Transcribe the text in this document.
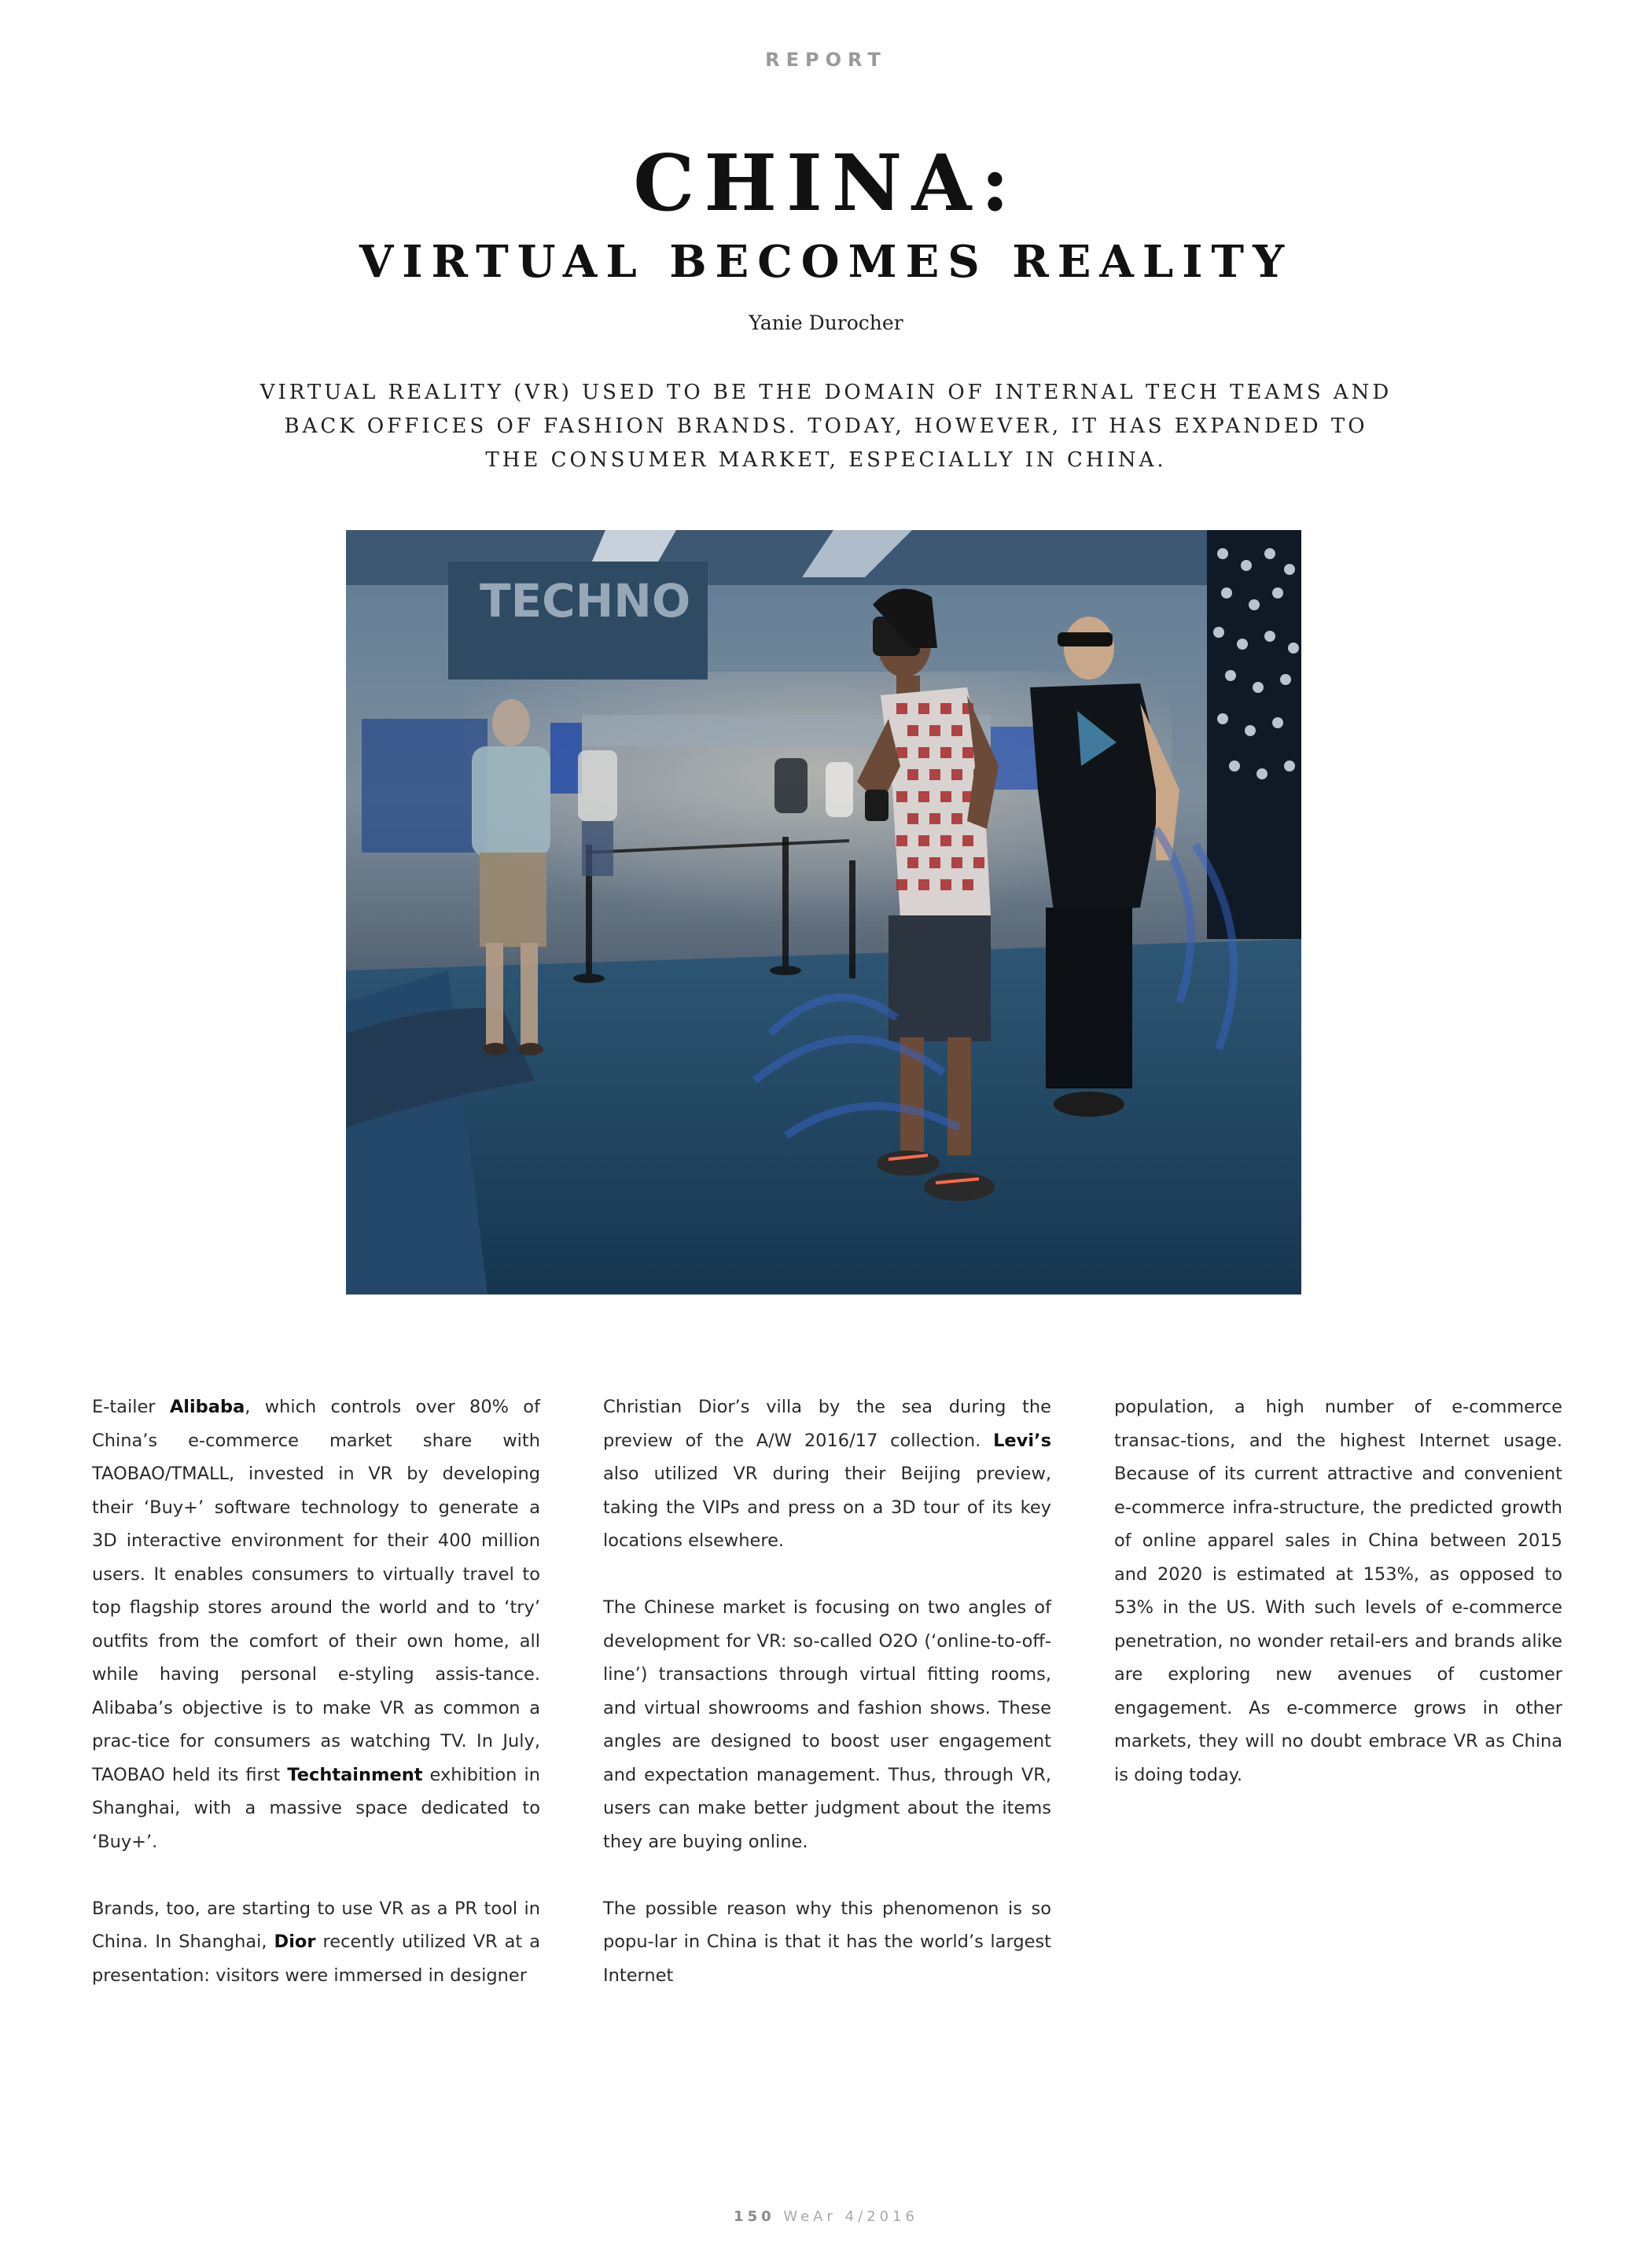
REPORT
CHINA:
VIRTUAL BECOMES REALITY
Yanie Durocher
VIRTUAL REALITY (VR) USED TO BE THE DOMAIN OF INTERNAL TECH TEAMS AND BACK OFFICES OF FASHION BRANDS. TODAY, HOWEVER, IT HAS EXPANDED TO THE CONSUMER MARKET, ESPECIALLY IN CHINA.
TECHNO

E-tailer Alibaba, which controls over 80% of China’s e-commerce market share with TAOBAO/TMALL, invested in VR by developing their ‘Buy+’ software technology to generate a 3D interactive environment for their 400 million users. It enables consumers to virtually travel to top flagship stores around the world and to ‘try’ outfits from the comfort of their own home, all while having personal e-styling assis-tance. Alibaba’s objective is to make VR as common a prac-tice for consumers as watching TV. In July, TAOBAO held its first Techtainment exhibition in Shanghai, with a massive space dedicated to ‘Buy+’.

Brands, too, are starting to use VR as a PR tool in China. In Shanghai, Dior recently utilized VR at a presentation: visitors were immersed in designer

Christian Dior’s villa by the sea during the preview of the A/W 2016/17 collection. Levi’s also utilized VR during their Beijing preview, taking the VIPs and press on a 3D tour of its key locations elsewhere.

The Chinese market is focusing on two angles of development for VR: so-called O2O (‘online-to-off-line’) transactions through virtual fitting rooms, and virtual showrooms and fashion shows. These angles are designed to boost user engagement and expectation management. Thus, through VR, users can make better judgment about the items they are buying online.

The possible reason why this phenomenon is so popu-lar in China is that it has the world’s largest Internet

population, a high number of e-commerce transac-tions, and the highest Internet usage. Because of its current attractive and convenient e-commerce infra-structure, the predicted growth of online apparel sales in China between 2015 and 2020 is estimated at 153%, as opposed to 53% in the US. With such levels of e-commerce penetration, no wonder retail-ers and brands alike are exploring new avenues of customer engagement. As e-commerce grows in other markets, they will no doubt embrace VR as China is doing today.

150 WeAr 4/2016
